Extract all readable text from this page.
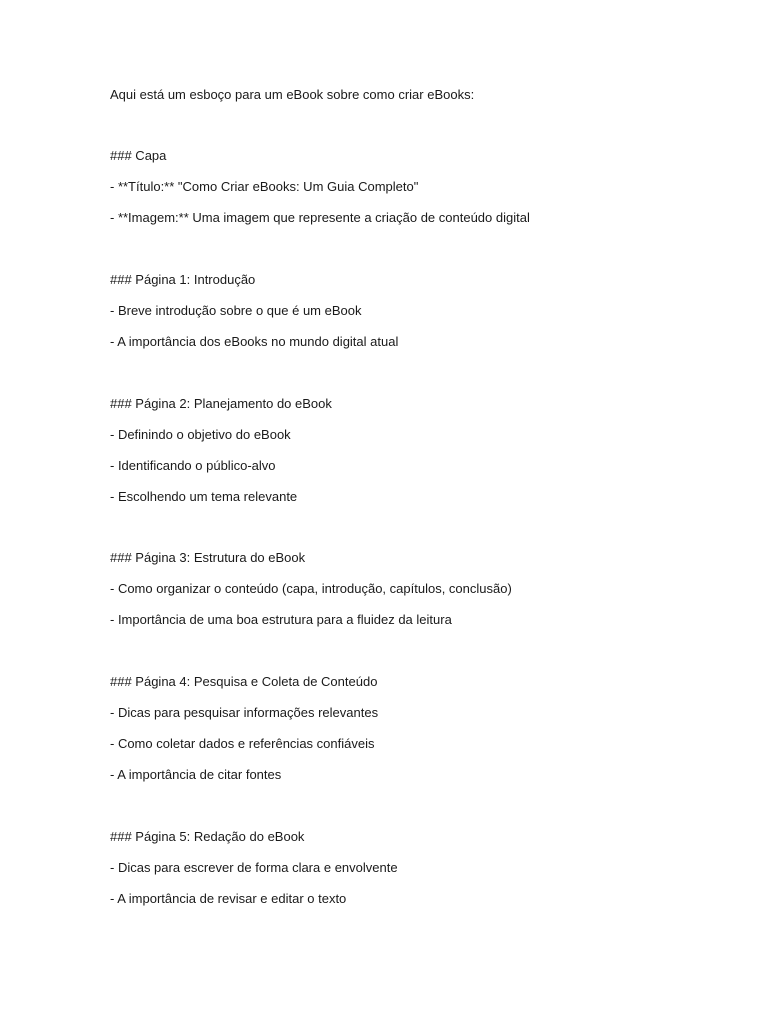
Aqui está um esboço para um eBook sobre como criar eBooks:

### Capa

- **Título:** "Como Criar eBooks: Um Guia Completo"

- **Imagem:** Uma imagem que represente a criação de conteúdo digital

### Página 1: Introdução

- Breve introdução sobre o que é um eBook

- A importância dos eBooks no mundo digital atual

### Página 2: Planejamento do eBook

- Definindo o objetivo do eBook

- Identificando o público-alvo

- Escolhendo um tema relevante

### Página 3: Estrutura do eBook

- Como organizar o conteúdo (capa, introdução, capítulos, conclusão)

- Importância de uma boa estrutura para a fluidez da leitura

### Página 4: Pesquisa e Coleta de Conteúdo

- Dicas para pesquisar informações relevantes

- Como coletar dados e referências confiáveis

- A importância de citar fontes

### Página 5: Redação do eBook

- Dicas para escrever de forma clara e envolvente

- A importância de revisar e editar o texto
